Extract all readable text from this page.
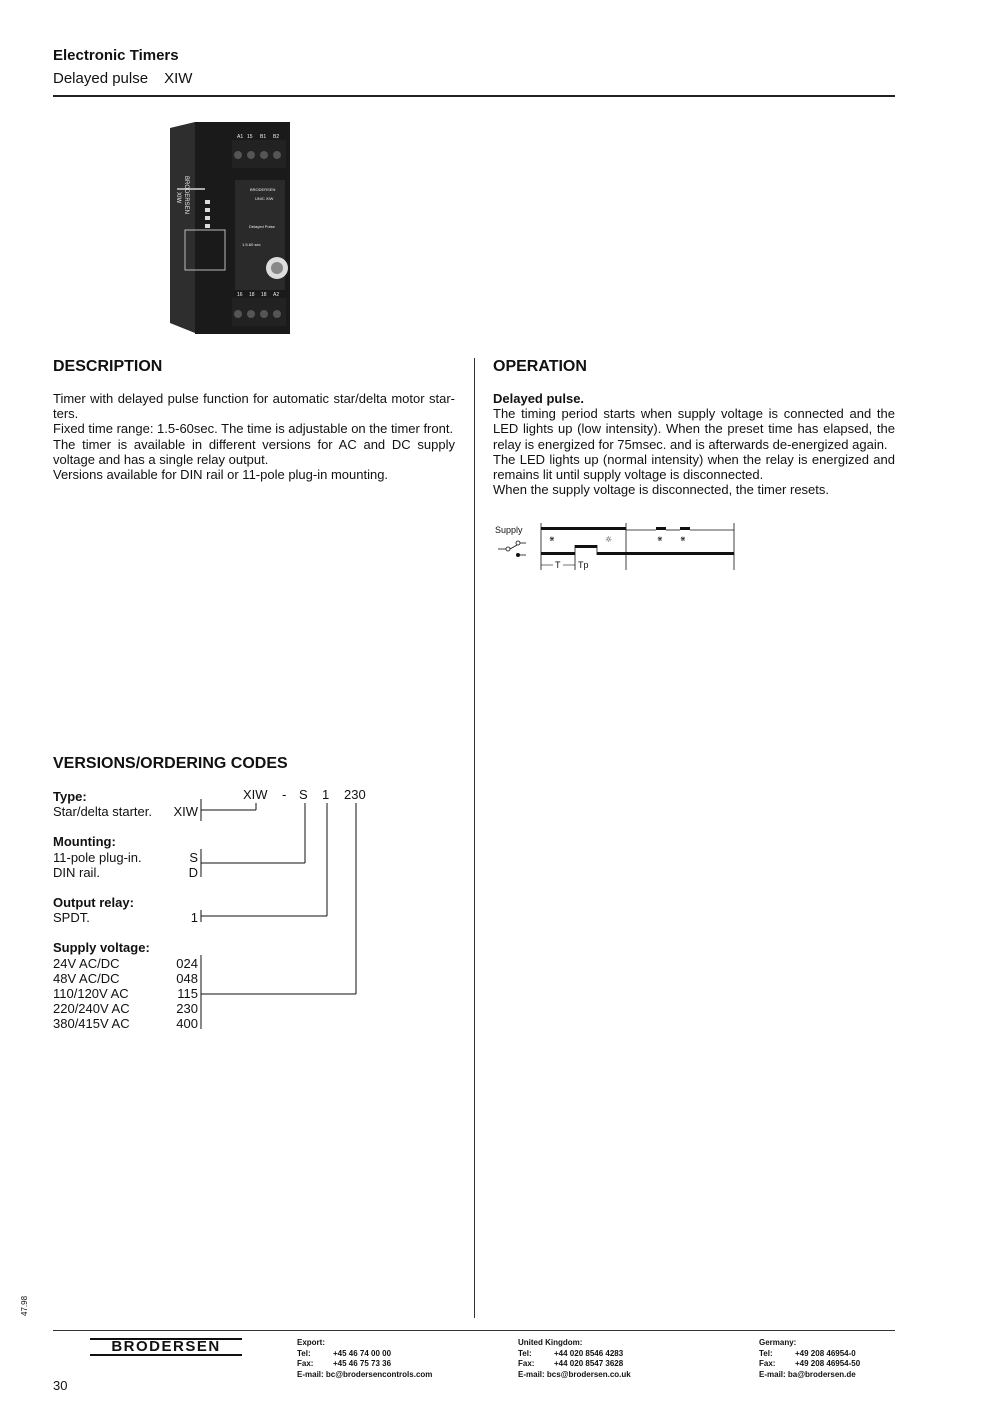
Electronic Timers
Delayed pulse XIW
BRODERSEN
XIW
A1 15 B1 B2
16 18 18 A2
BRODERSEN
UNIC XIW
Delayed Pulse
1.5-60 sec
DESCRIPTION
Timer with delayed pulse function for automatic star/delta motor star-ters.
Fixed time range: 1.5-60sec. The time is adjustable on the timer front.
The timer is available in different versions for AC and DC supply voltage and has a single relay output.
Versions available for DIN rail or 11-pole plug-in mounting.
OPERATION
Delayed pulse.
The timing period starts when supply voltage is connected and the LED lights up (low intensity). When the preset time has elapsed, the relay is energized for 75msec. and is afterwards de-energized again.
The LED lights up (normal intensity) when the relay is energized and remains lit until supply voltage is disconnected.
When the supply voltage is disconnected, the timer resets.
Supply
⋇	☼	⋇ ⋇
T Tp
VERSIONS/ORDERING CODES
XIW - S 1 230
Type:
Star/delta starter. XIW
Mounting:
11-pole plug-in.	S
DIN rail.	D
Output relay:
SPDT.	1
Supply voltage:
24V AC/DC	024
48V AC/DC	048
110/120V AC	115
220/240V AC	230
380/415V AC	400
47.98
BRODERSEN	Export:
Tel:	+45 46 74 00 00
Fax: +45 46 75 73 36
E-mail: bc@brodersencontrols.com
United Kingdom:
Tel:	+44 020 8546 4283
Fax: +44 020 8547 3628
E-mail: bcs@brodersen.co.uk
Germany:
Tel:	+49 208 46954-0
Fax: +49 208 46954-50
E-mail: ba@brodersen.de
30
